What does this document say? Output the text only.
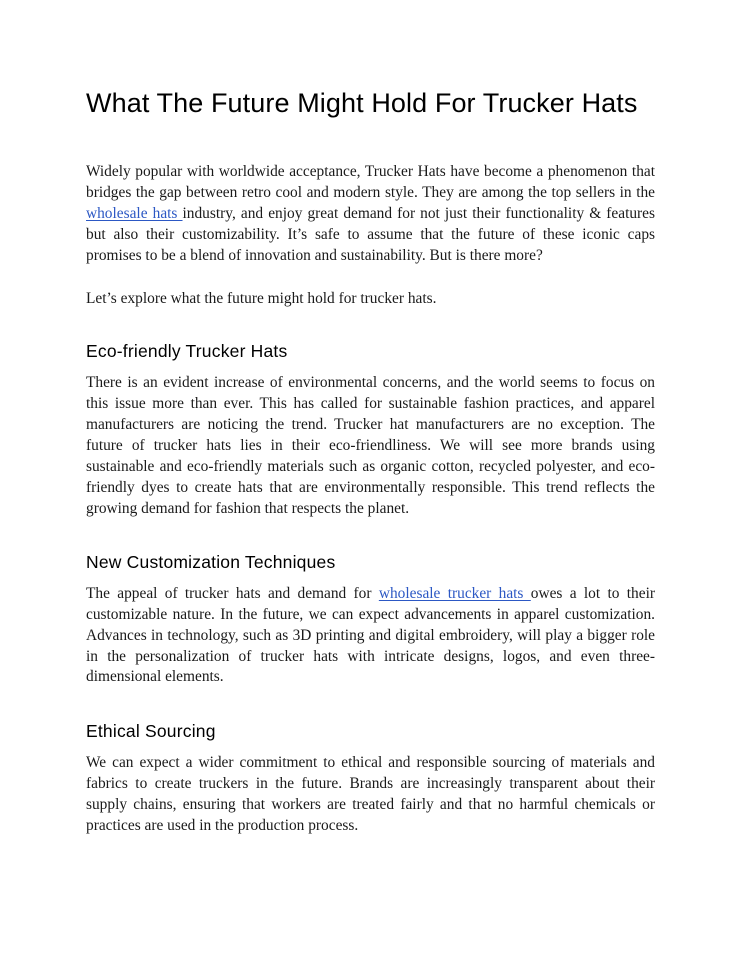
What The Future Might Hold For Trucker Hats

Widely popular with worldwide acceptance, Trucker Hats have become a phenomenon that bridges the gap between retro cool and modern style. They are among the top sellers in the wholesale hats industry, and enjoy great demand for not just their functionality & features but also their customizability. It’s safe to assume that the future of these iconic caps promises to be a blend of innovation and sustainability. But is there more?

Let’s explore what the future might hold for trucker hats.

Eco-friendly Trucker Hats

There is an evident increase of environmental concerns, and the world seems to focus on this issue more than ever. This has called for sustainable fashion practices, and apparel manufacturers are noticing the trend. Trucker hat manufacturers are no exception. The future of trucker hats lies in their eco-friendliness. We will see more brands using sustainable and eco-friendly materials such as organic cotton, recycled polyester, and eco-friendly dyes to create hats that are environmentally responsible. This trend reflects the growing demand for fashion that respects the planet.

New Customization Techniques

The appeal of trucker hats and demand for wholesale trucker hats owes a lot to their customizable nature. In the future, we can expect advancements in apparel customization. Advances in technology, such as 3D printing and digital embroidery, will play a bigger role in the personalization of trucker hats with intricate designs, logos, and even three-dimensional elements.

Ethical Sourcing

We can expect a wider commitment to ethical and responsible sourcing of materials and fabrics to create truckers in the future. Brands are increasingly transparent about their supply chains, ensuring that workers are treated fairly and that no harmful chemicals or practices are used in the production process.
